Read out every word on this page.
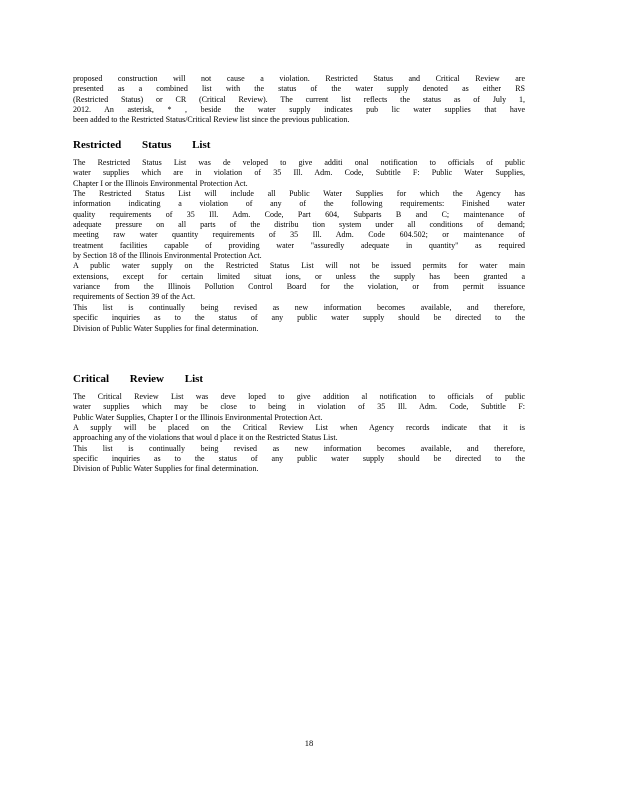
proposed construction will not cause a violation. Restricted Status and Critical Review are
presented as a combined list with the status of the water supply denoted as either RS
(Restricted Status) or CR (Critical Review). The current list reflects the status as of July 1,
2012. An asterisk, * , beside the water supply indicates pub lic water supplies that have
been added to the Restricted Status/Critical Review list since the previous publication.
Restricted Status List
The Restricted Status List was de veloped to give additi onal notification to officials of public
water supplies which are in violation of 35 Ill. Adm. Code, Subtitle F: Public Water Supplies,
Chapter I or the Illinois Environmental Protection Act.
The Restricted Status List will include all Public Water Supplies for which the Agency has
information indicating a violation of any of the following requirements: Finished water
quality requirements of 35 Ill. Adm. Code, Part 604, Subparts B and C; maintenance of
adequate pressure on all parts of the distribu tion system under all conditions of demand;
meeting raw water quantity requirements of 35 Ill. Adm. Code 604.502; or maintenance of
treatment facilities capable of providing water "assuredly adequate in quantity" as required
by Section 18 of the Illinois Environmental Protection Act.
A public water supply on the Restricted Status List will not be issued permits for water main
extensions, except for certain limited situat ions, or unless the supply has been granted a
variance from the Illinois Pollution Control Board for the violation, or from permit issuance
requirements of Section 39 of the Act.
This list is continually being revised as new information becomes available, and therefore,
specific inquiries as to the status of any public water supply should be directed to the
Division of Public Water Supplies for final determination.
Critical Review List
The Critical Review List was deve loped to give addition al notification to officials of public
water supplies which may be close to being in violation of 35 Ill. Adm. Code, Subtitle F:
Public Water Supplies, Chapter I or the Illinois Environmental Protection Act.
A supply will be placed on the Critical Review List when Agency records indicate that it is
approaching any of the violations that woul d place it on the Restricted Status List.
This list is continually being revised as new information becomes available, and therefore,
specific inquiries as to the status of any public water supply should be directed to the
Division of Public Water Supplies for final determination.
18
